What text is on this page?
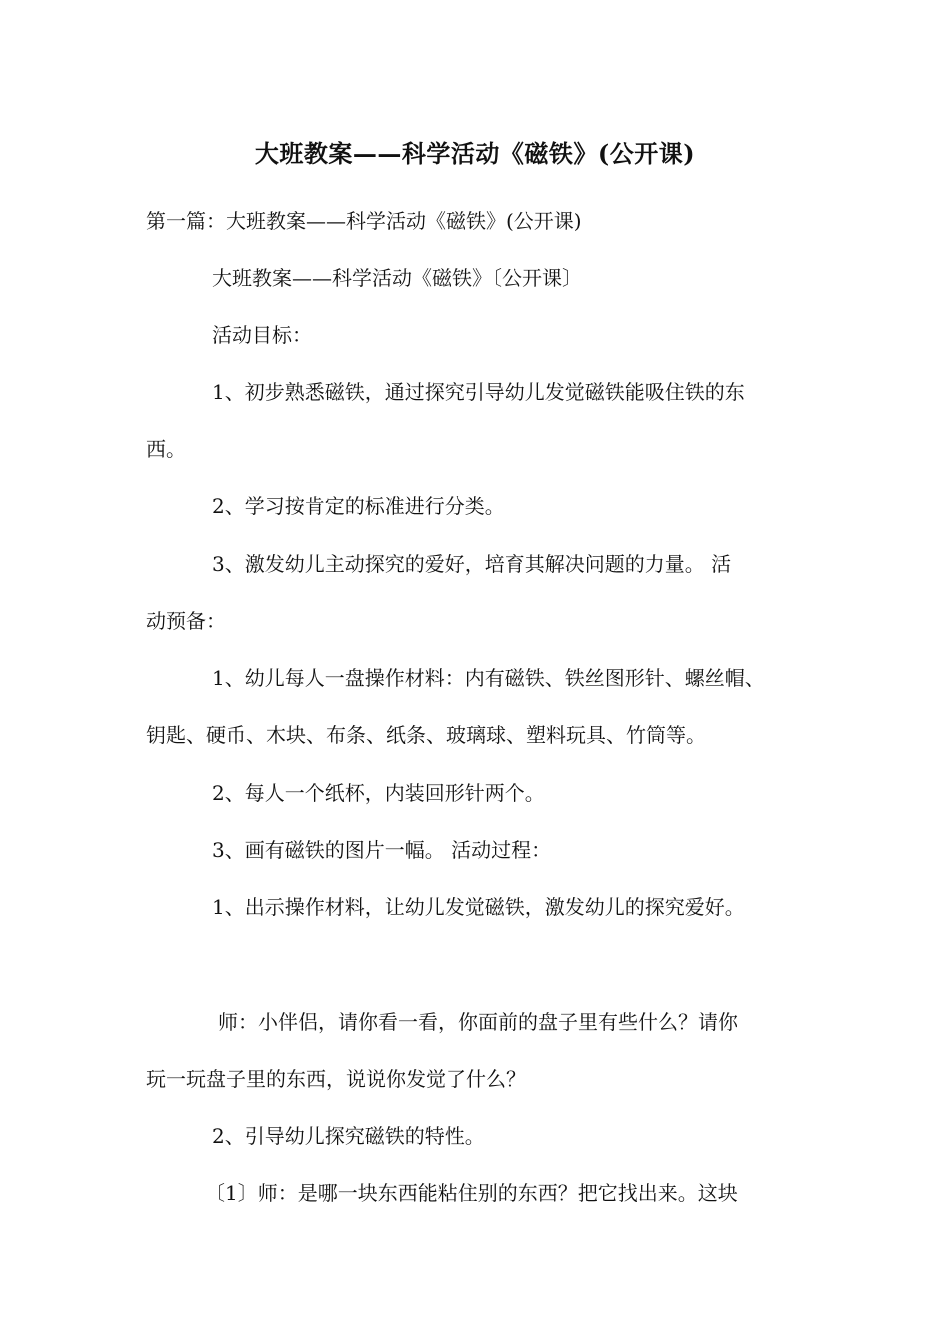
大班教案——科学活动《磁铁》(公开课)
第一篇：大班教案——科学活动《磁铁》(公开课)
大班教案——科学活动《磁铁》〔公开课〕
活动目标：
1、初步熟悉磁铁，通过探究引导幼儿发觉磁铁能吸住铁的东
西。
2、学习按肯定的标准进行分类。
3、激发幼儿主动探究的爱好，培育其解决问题的力量。 活
动预备：
1、幼儿每人一盘操作材料：内有磁铁、铁丝图形针、螺丝帽、
钥匙、硬币、木块、布条、纸条、玻璃球、塑料玩具、竹筒等。
2、每人一个纸杯，内装回形针两个。
3、画有磁铁的图片一幅。 活动过程：
1、出示操作材料，让幼儿发觉磁铁，激发幼儿的探究爱好。
师：小伴侣，请你看一看，你面前的盘子里有些什么？请你
玩一玩盘子里的东西，说说你发觉了什么？
2、引导幼儿探究磁铁的特性。
〔1〕师：是哪一块东西能粘住别的东西？把它找出来。这块
